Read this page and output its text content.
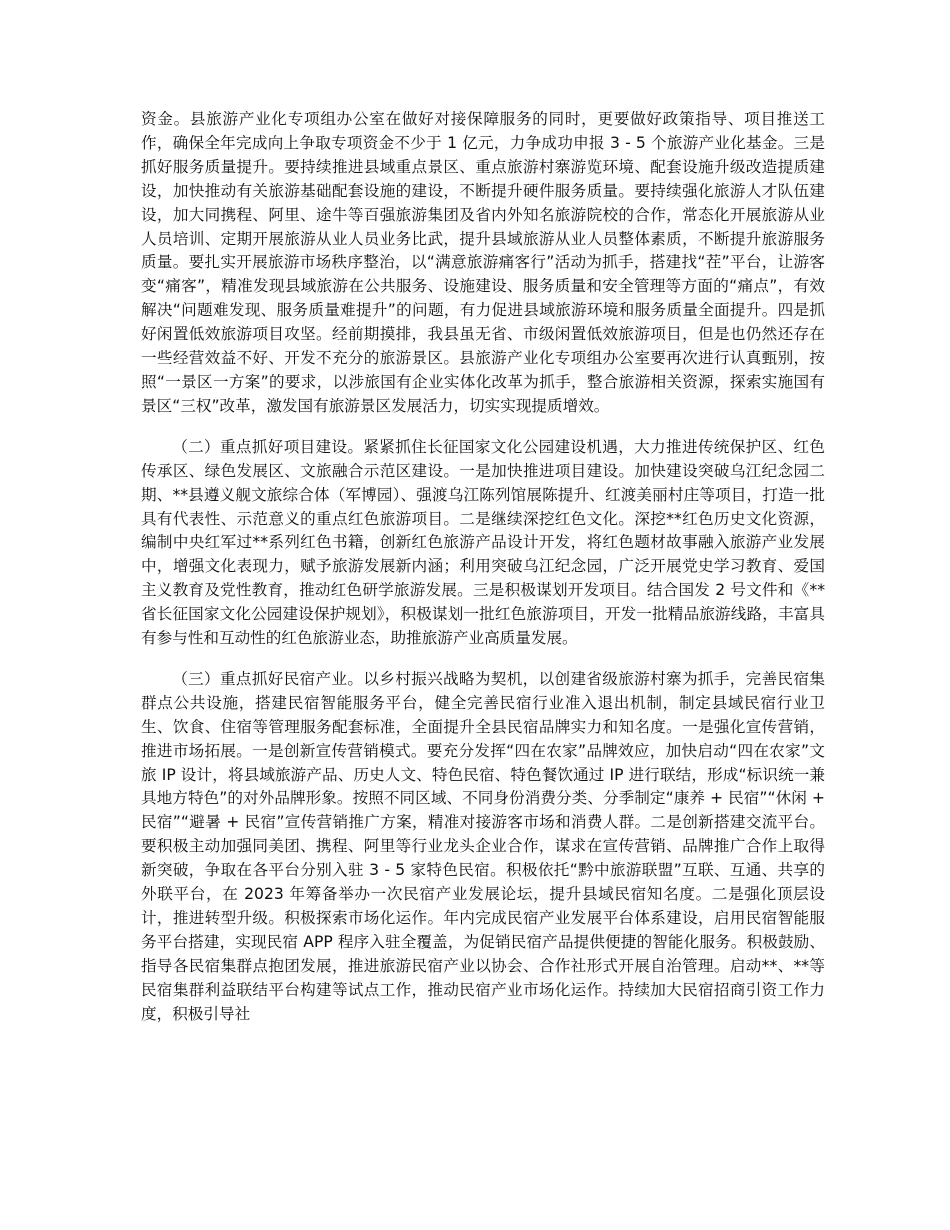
资金。县旅游产业化专项组办公室在做好对接保障服务的同时，更要做好政策指导、项目推送工作，确保全年完成向上争取专项资金不少于 1 亿元，力争成功申报 3 - 5 个旅游产业化基金。三是抓好服务质量提升。要持续推进县域重点景区、重点旅游村寨游览环境、配套设施升级改造提质建设，加快推动有关旅游基础配套设施的建设，不断提升硬件服务质量。要持续强化旅游人才队伍建设，加大同携程、阿里、途牛等百强旅游集团及省内外知名旅游院校的合作，常态化开展旅游从业人员培训、定期开展旅游从业人员业务比武，提升县域旅游从业人员整体素质，不断提升旅游服务质量。要扎实开展旅游市场秩序整治，以“满意旅游痛客行”活动为抓手，搭建找“茬”平台，让游客变“痛客”，精准发现县域旅游在公共服务、设施建设、服务质量和安全管理等方面的“痛点”，有效解决“问题难发现、服务质量难提升”的问题，有力促进县域旅游环境和服务质量全面提升。四是抓好闲置低效旅游项目攻坚。经前期摸排，我县虽无省、市级闲置低效旅游项目，但是也仍然还存在一些经营效益不好、开发不充分的旅游景区。县旅游产业化专项组办公室要再次进行认真甄别，按照“一景区一方案”的要求，以涉旅国有企业实体化改革为抓手，整合旅游相关资源，探索实施国有景区“三权”改革，激发国有旅游景区发展活力，切实实现提质增效。

（二）重点抓好项目建设。紧紧抓住长征国家文化公园建设机遇，大力推进传统保护区、红色传承区、绿色发展区、文旅融合示范区建设。一是加快推进项目建设。加快建设突破乌江纪念园二期、**县遵义舰文旅综合体（军博园）、强渡乌江陈列馆展陈提升、红渡美丽村庄等项目，打造一批具有代表性、示范意义的重点红色旅游项目。二是继续深挖红色文化。深挖**红色历史文化资源，编制中央红军过**系列红色书籍，创新红色旅游产品设计开发，将红色题材故事融入旅游产业发展中，增强文化表现力，赋予旅游发展新内涵；利用突破乌江纪念园，广泛开展党史学习教育、爱国主义教育及党性教育，推动红色研学旅游发展。三是积极谋划开发项目。结合国发 2 号文件和《**省长征国家文化公园建设保护规划》，积极谋划一批红色旅游项目，开发一批精品旅游线路，丰富具有参与性和互动性的红色旅游业态，助推旅游产业高质量发展。

（三）重点抓好民宿产业。以乡村振兴战略为契机，以创建省级旅游村寨为抓手，完善民宿集群点公共设施，搭建民宿智能服务平台，健全完善民宿行业准入退出机制，制定县域民宿行业卫生、饮食、住宿等管理服务配套标准，全面提升全县民宿品牌实力和知名度。一是强化宣传营销，推进市场拓展。一是创新宣传营销模式。要充分发挥“四在农家”品牌效应，加快启动“四在农家”文旅 IP 设计，将县域旅游产品、历史人文、特色民宿、特色餐饮通过 IP 进行联结，形成“标识统一兼具地方特色”的对外品牌形象。按照不同区域、不同身份消费分类、分季制定“康养 + 民宿”“休闲 + 民宿”“避暑 + 民宿”宣传营销推广方案，精准对接游客市场和消费人群。二是创新搭建交流平台。要积极主动加强同美团、携程、阿里等行业龙头企业合作，谋求在宣传营销、品牌推广合作上取得新突破，争取在各平台分别入驻 3 - 5 家特色民宿。积极依托“黔中旅游联盟”互联、互通、共享的外联平台，在 2023 年筹备举办一次民宿产业发展论坛，提升县域民宿知名度。二是强化顶层设计，推进转型升级。积极探索市场化运作。年内完成民宿产业发展平台体系建设，启用民宿智能服务平台搭建，实现民宿 APP 程序入驻全覆盖，为促销民宿产品提供便捷的智能化服务。积极鼓励、指导各民宿集群点抱团发展，推进旅游民宿产业以协会、合作社形式开展自治管理。启动**、**等民宿集群利益联结平台构建等试点工作，推动民宿产业市场化运作。持续加大民宿招商引资工作力度，积极引导社
